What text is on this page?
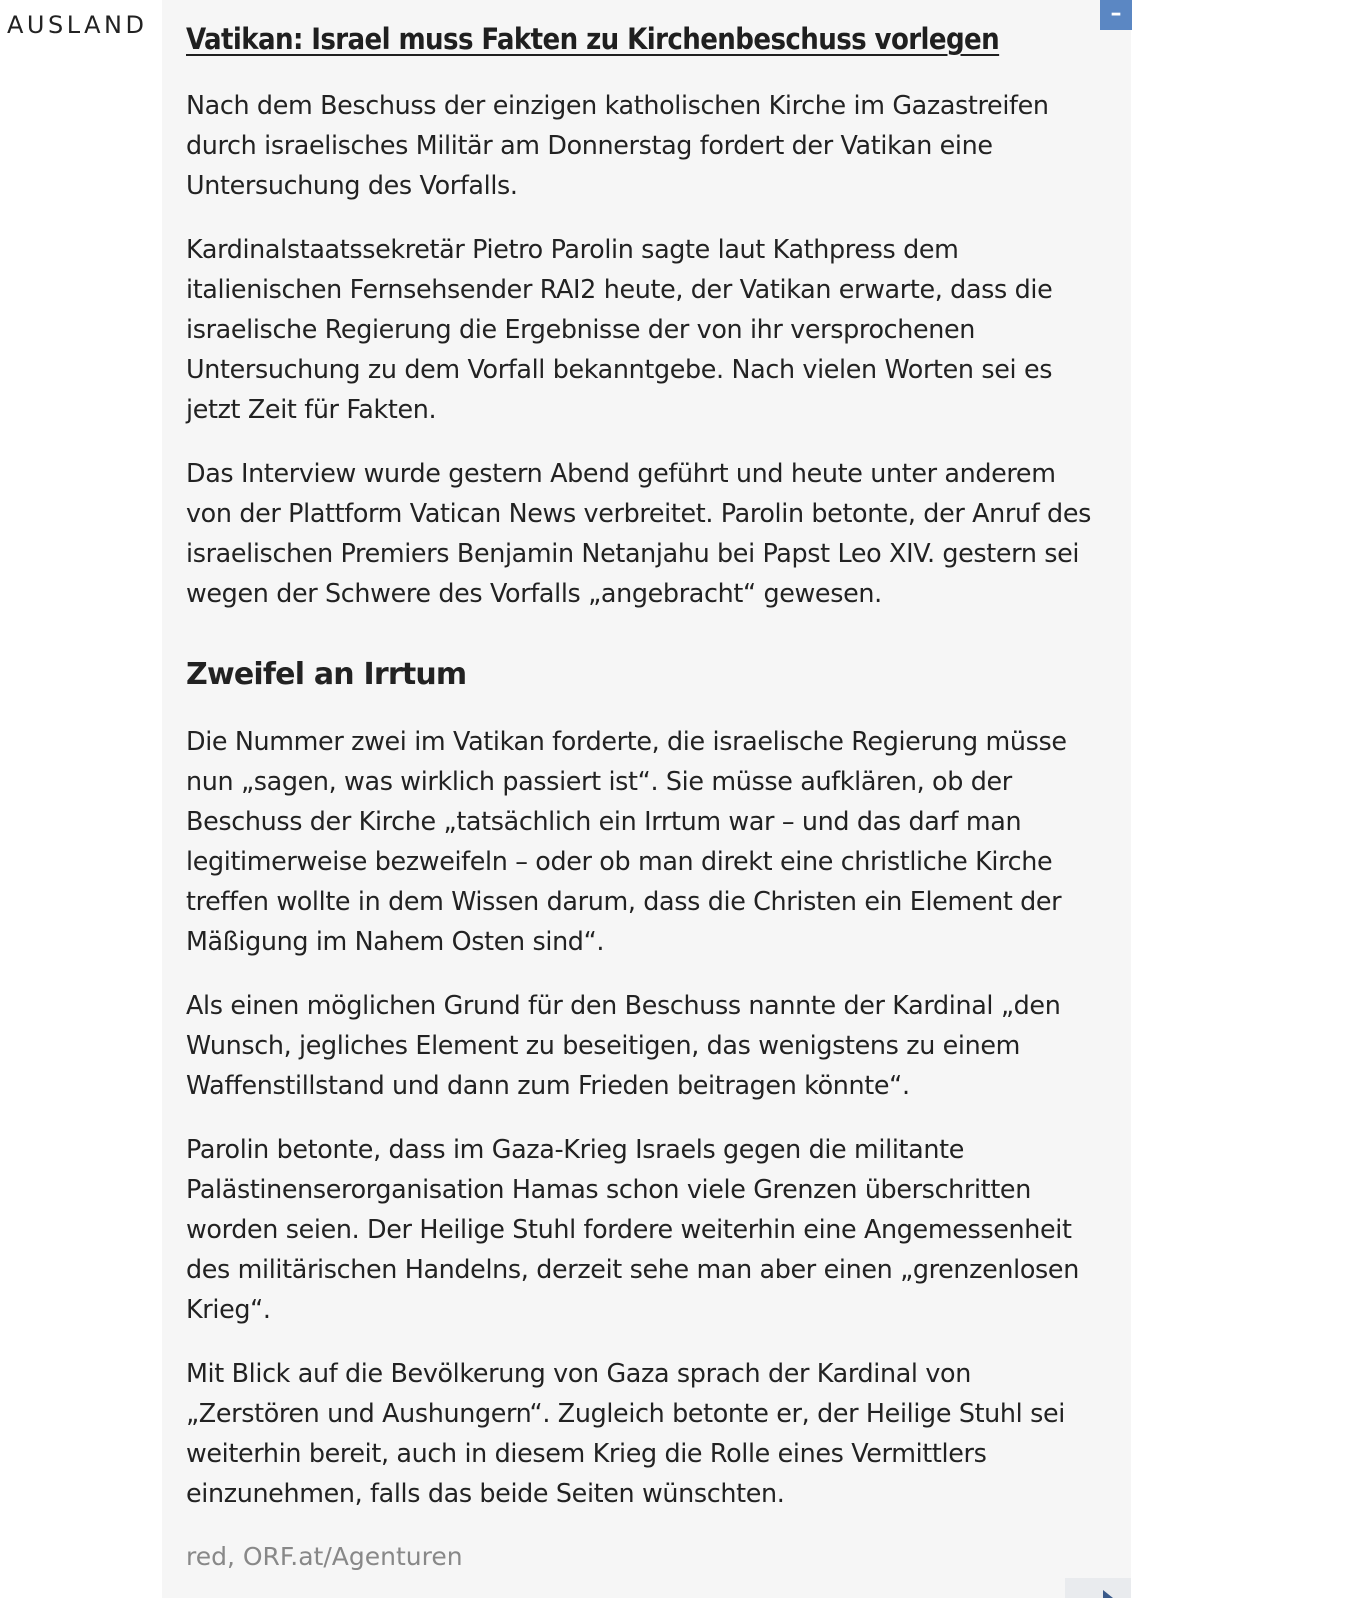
AUSLAND Vatikan: Israel muss Fakten zu Kirchenbeschuss vorlegen

Nach dem Beschuss der einzigen katholischen Kirche im Gazastreifen durch israelisches Militär am Donnerstag fordert der Vatikan eine Untersuchung des Vorfalls.

Kardinalstaatssekretär Pietro Parolin sagte laut Kathpress dem italienischen Fernsehsender RAI2 heute, der Vatikan erwarte, dass die israelische Regierung die Ergebnisse der von ihr versprochenen Untersuchung zu dem Vorfall bekanntgebe. Nach vielen Worten sei es jetzt Zeit für Fakten.

Das Interview wurde gestern Abend geführt und heute unter anderem von der Plattform Vatican News verbreitet. Parolin betonte, der Anruf des israelischen Premiers Benjamin Netanjahu bei Papst Leo XIV. gestern sei wegen der Schwere des Vorfalls „angebracht“ gewesen.

Zweifel an Irrtum

Die Nummer zwei im Vatikan forderte, die israelische Regierung müsse nun „sagen, was wirklich passiert ist“. Sie müsse aufklären, ob der Beschuss der Kirche „tatsächlich ein Irrtum war – und das darf man legitimerweise bezweifeln – oder ob man direkt eine christliche Kirche treffen wollte in dem Wissen darum, dass die Christen ein Element der Mäßigung im Nahem Osten sind“.

Als einen möglichen Grund für den Beschuss nannte der Kardinal „den Wunsch, jegliches Element zu beseitigen, das wenigstens zu einem Waffenstillstand und dann zum Frieden beitragen könnte“.

Parolin betonte, dass im Gaza-Krieg Israels gegen die militante Palästinenserorganisation Hamas schon viele Grenzen überschritten worden seien. Der Heilige Stuhl fordere weiterhin eine Angemessenheit des militärischen Handelns, derzeit sehe man aber einen „grenzenlosen Krieg“.

Mit Blick auf die Bevölkerung von Gaza sprach der Kardinal von „Zerstören und Aushungern“. Zugleich betonte er, der Heilige Stuhl sei weiterhin bereit, auch in diesem Krieg die Rolle eines Vermittlers einzunehmen, falls das beide Seiten wünschten.

red, ORF.at/Agenturen

–
